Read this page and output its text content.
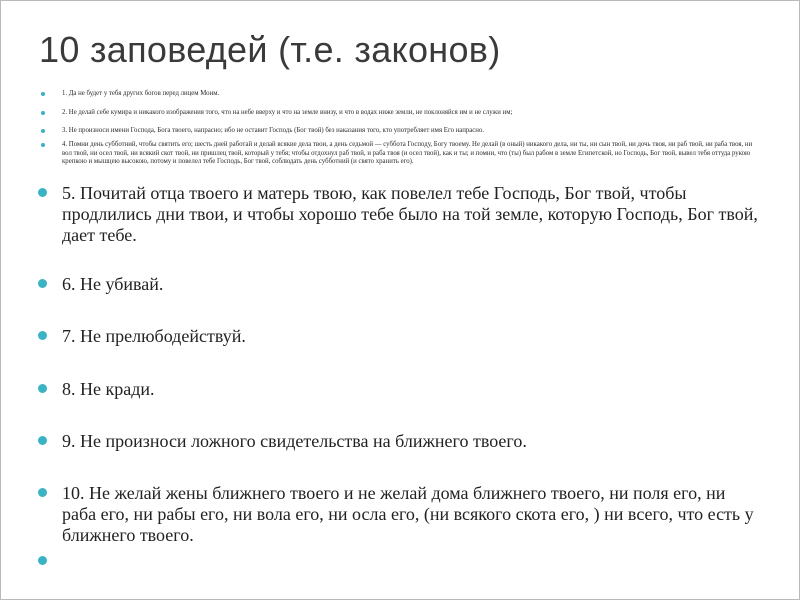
10 заповедей (т.е. законов)
1. Да не будет у тебя других богов перед лицем Моим.
2. Не делай себе кумира и никакого изображения того, что на небе вверху и что на земле внизу, и что в водах ниже земли, не поклоняйся им и не служи им;
3. Не произноси имени Господа, Бога твоего, напрасно; ибо не оставит Господь (Бог твой) без наказания того, кто употребляет имя Его напрасно.
4. Помни день субботний, чтобы святить его; шесть дней работай и делай всякие дела твои, а день седьмой — суббота Господу, Богу твоему. Не делай (в оный) никакого дела, ни ты, ни сын твой, ни дочь твоя, ни раб твой, ни раба твоя, ни вол твой, ни осел твой, ни всякий скот твой, ни пришлец твой, который у тебя; чтобы отдохнул раб твой, и раба твоя (и осел твой), как и ты; и помни, что (ты) был рабом в земле Египетской, но Господь, Бог твой, вывел тебя оттуда рукою крепкою и мышцею высокою, потому и повелел тебе Господь, Бог твой, соблюдать день субботний (и свято хранить его).
5. Почитай отца твоего и матерь твою, как повелел тебе Господь, Бог твой, чтобы продлились дни твои, и чтобы хорошо тебе было на той земле, которую Господь, Бог твой, дает тебе.
6. Не убивай.
7. Не прелюбодействуй.
8. Не кради.
9. Не произноси ложного свидетельства на ближнего твоего.
10. Не желай жены ближнего твоего и не желай дома ближнего твоего, ни поля его, ни раба его, ни рабы его, ни вола его, ни осла его, (ни всякого скота его, ) ни всего, что есть у ближнего твоего.
